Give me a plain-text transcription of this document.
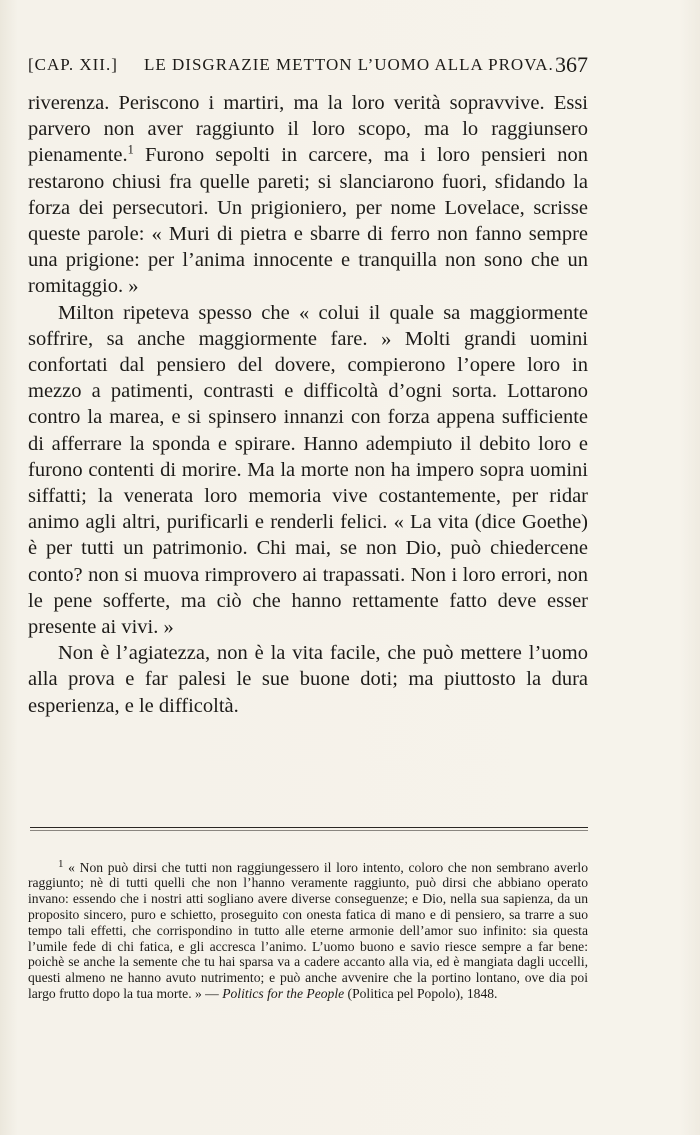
[CAP. XII.] LE DISGRAZIE METTON L’UOMO ALLA PROVA. 367

riverenza. Periscono i martiri, ma la loro verità sopravvive. Essi parvero non aver raggiunto il loro scopo, ma lo raggiunsero pienamente.$^1$ Furono sepolti in carcere, ma i loro pensieri non restarono chiusi fra quelle pareti; si slanciarono fuori, sfidando la forza dei persecutori. Un prigioniero, per nome Lovelace, scrisse queste parole: « Muri di pietra e sbarre di ferro non fanno sempre una prigione: per l’anima innocente e tranquilla non sono che un romitaggio. »

Milton ripeteva spesso che « colui il quale sa maggiormente soffrire, sa anche maggiormente fare. » Molti grandi uomini confortati dal pensiero del dovere, compierono l’opere loro in mezzo a patimenti, contrasti e difficoltà d’ogni sorta. Lottarono contro la marea, e si spinsero innanzi con forza appena sufficiente di afferrare la sponda e spirare. Hanno adempiuto il debito loro e furono contenti di morire. Ma la morte non ha impero sopra uomini siffatti; la venerata loro memoria vive costantemente, per ridar animo agli altri, purificarli e renderli felici. « La vita (dice Goethe) è per tutti un patrimonio. Chi mai, se non Dio, può chiedercene conto? non si muova rimprovero ai trapassati. Non i loro errori, non le pene sofferte, ma ciò che hanno rettamente fatto deve esser presente ai vivi. »

Non è l’agiatezza, non è la vita facile, che può mettere l’uomo alla prova e far palesi le sue buone doti; ma piuttosto la dura esperienza, e le difficoltà.

$^1$ « Non può dirsi che tutti non raggiungessero il loro intento, coloro che non sembrano averlo raggiunto; nè di tutti quelli che non l’hanno veramente raggiunto, può dirsi che abbiano operato invano: essendo che i nostri atti sogliano avere diverse conseguenze; e Dio, nella sua sapienza, da un proposito sincero, puro e schietto, proseguito con onesta fatica di mano e di pensiero, sa trarre a suo tempo tali effetti, che corrispondino in tutto alle eterne armonie dell’amor suo infinito: sia questa l’umile fede di chi fatica, e gli accresca l’animo. L’uomo buono e savio riesce sempre a far bene: poichè se anche la semente che tu hai sparsa va a cadere accanto alla via, ed è mangiata dagli uccelli, questi almeno ne hanno avuto nutrimento; e può anche avvenire che la portino lontano, ove dia poi largo frutto dopo la tua morte. » — Politics for the People (Politica pel Popolo), 1848.
